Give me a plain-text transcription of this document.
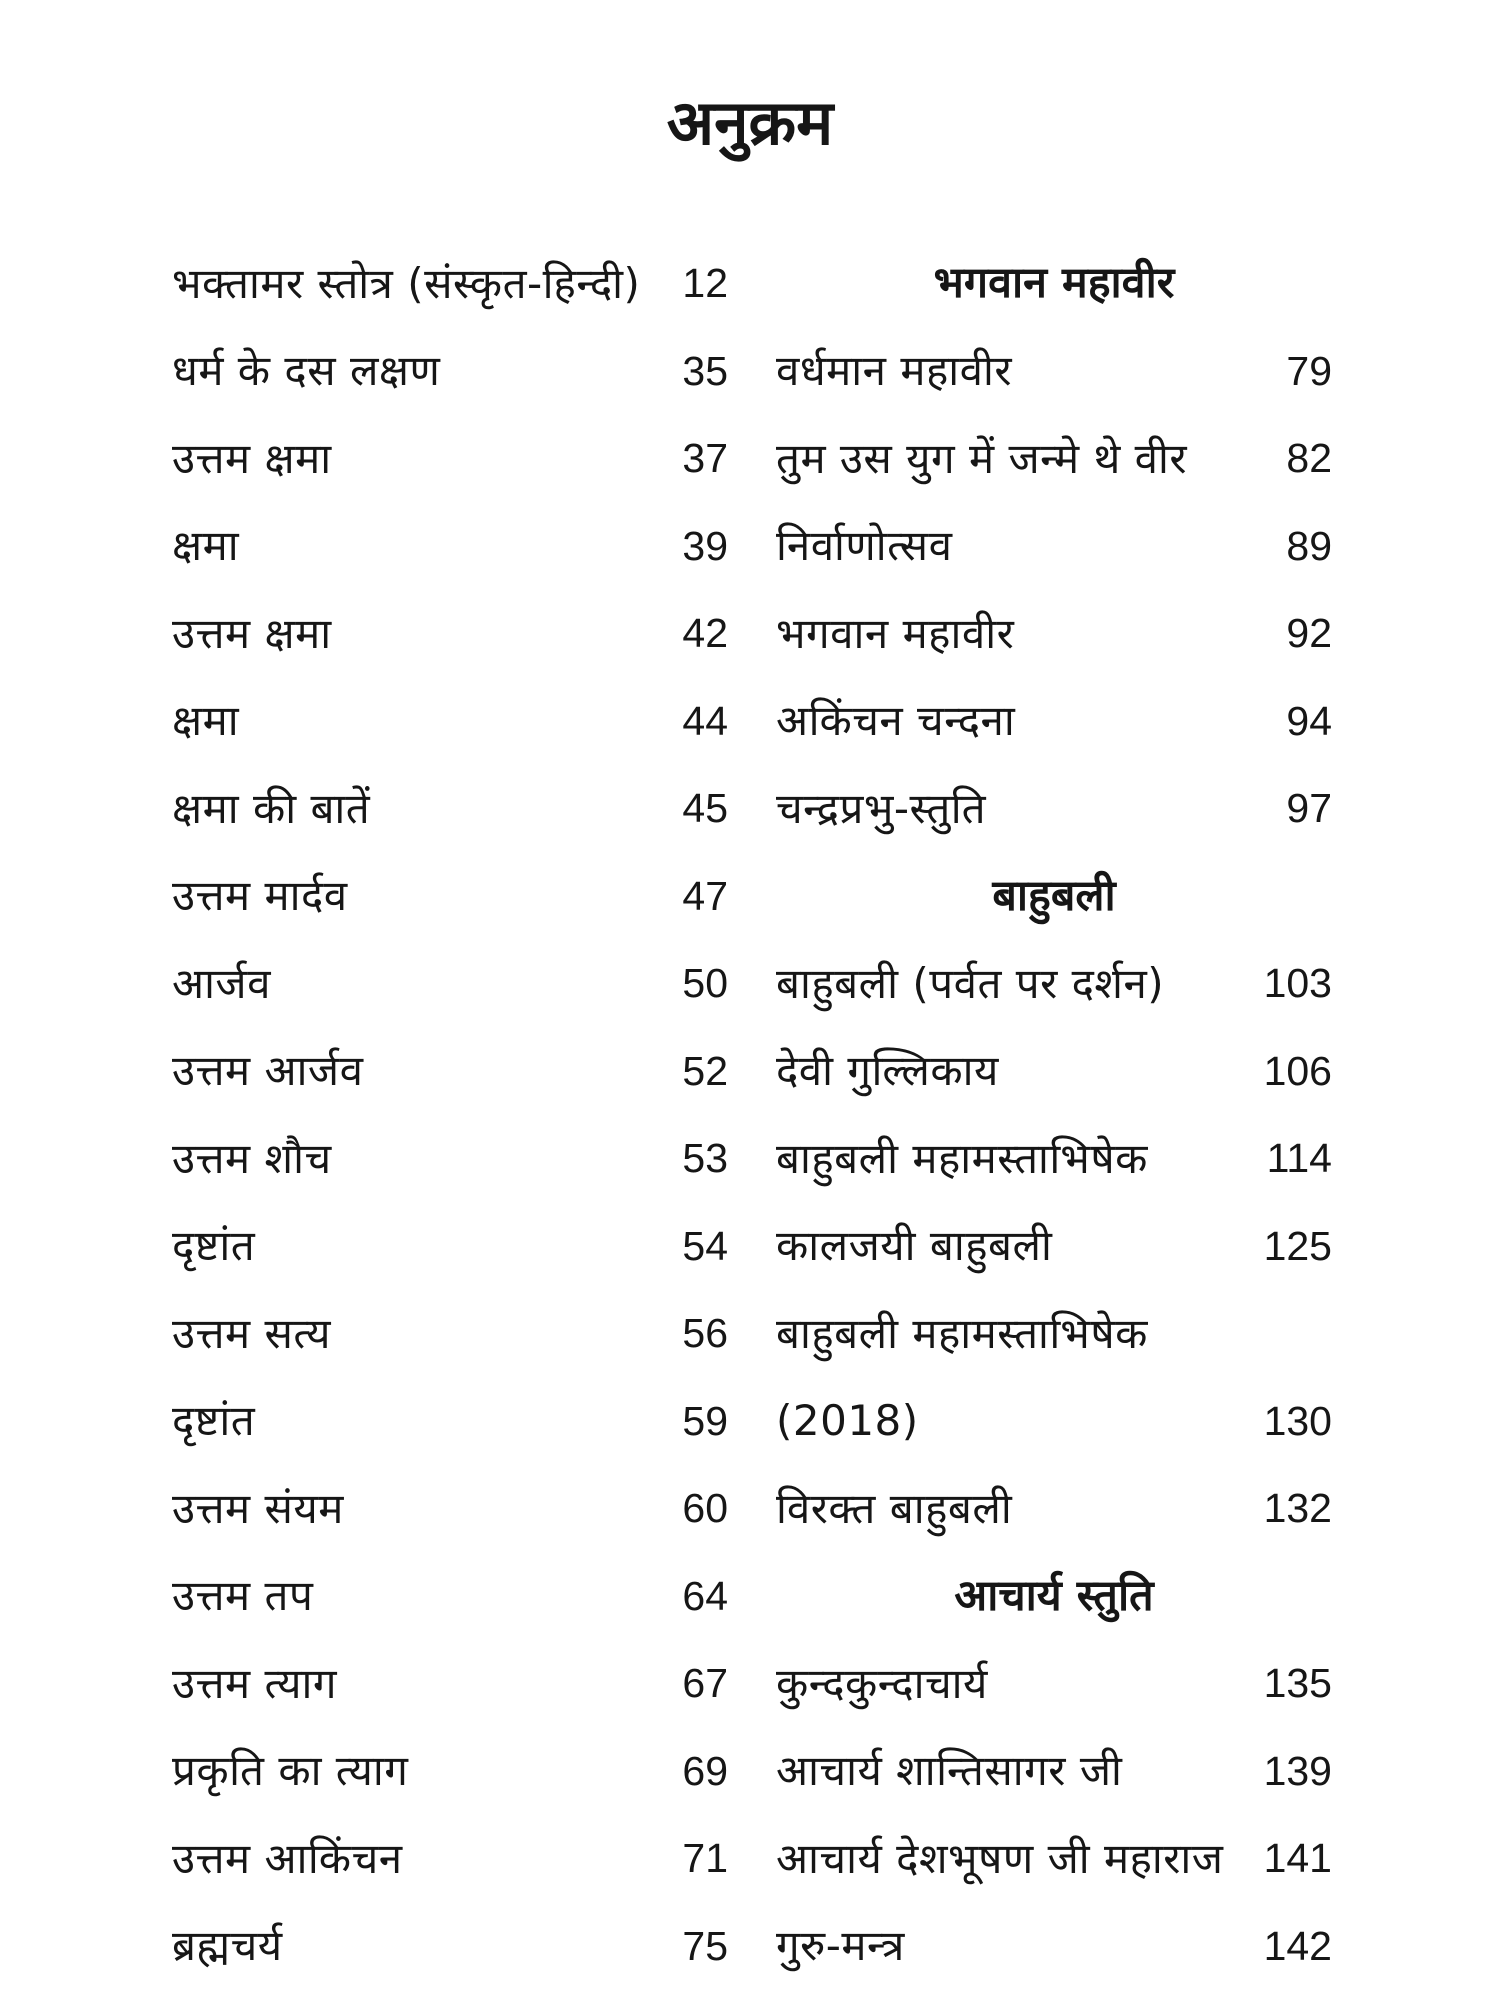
अनुक्रम
भक्तामर स्तोत्र (संस्कृत-हिन्दी) 12
धर्म के दस लक्षण	35
उत्तम क्षमा	37
क्षमा	39
उत्तम क्षमा	42
क्षमा	44
क्षमा की बातें	45
उत्तम मार्दव	47
आर्जव	50
उत्तम आर्जव	52
उत्तम शौच	53
दृष्टांत	54
उत्तम सत्य	56
दृष्टांत	59
उत्तम संयम	60
उत्तम तप	64
उत्तम त्याग	67
प्रकृति का त्याग	69
उत्तम आकिंचन	71
ब्रह्मचर्य	75
भगवान महावीर
वर्धमान महावीर	79
तुम उस युग में जन्मे थे वीर 82
निर्वाणोत्सव	89
भगवान महावीर	92
अकिंचन चन्दना	94
चन्द्रप्रभु-स्तुति	97
बाहुबली
बाहुबली (पर्वत पर दर्शन) 103
देवी गुल्लिकाय	106
बाहुबली महामस्ताभिषेक	114
कालजयी बाहुबली	125
बाहुबली महामस्ताभिषेक
(2018)	130
विरक्त बाहुबली	132
आचार्य स्तुति
कुन्दकुन्दाचार्य	135
आचार्य शान्तिसागर जी	139
आचार्य देशभूषण जी महाराज 141
गुरु-मन्त्र	142
